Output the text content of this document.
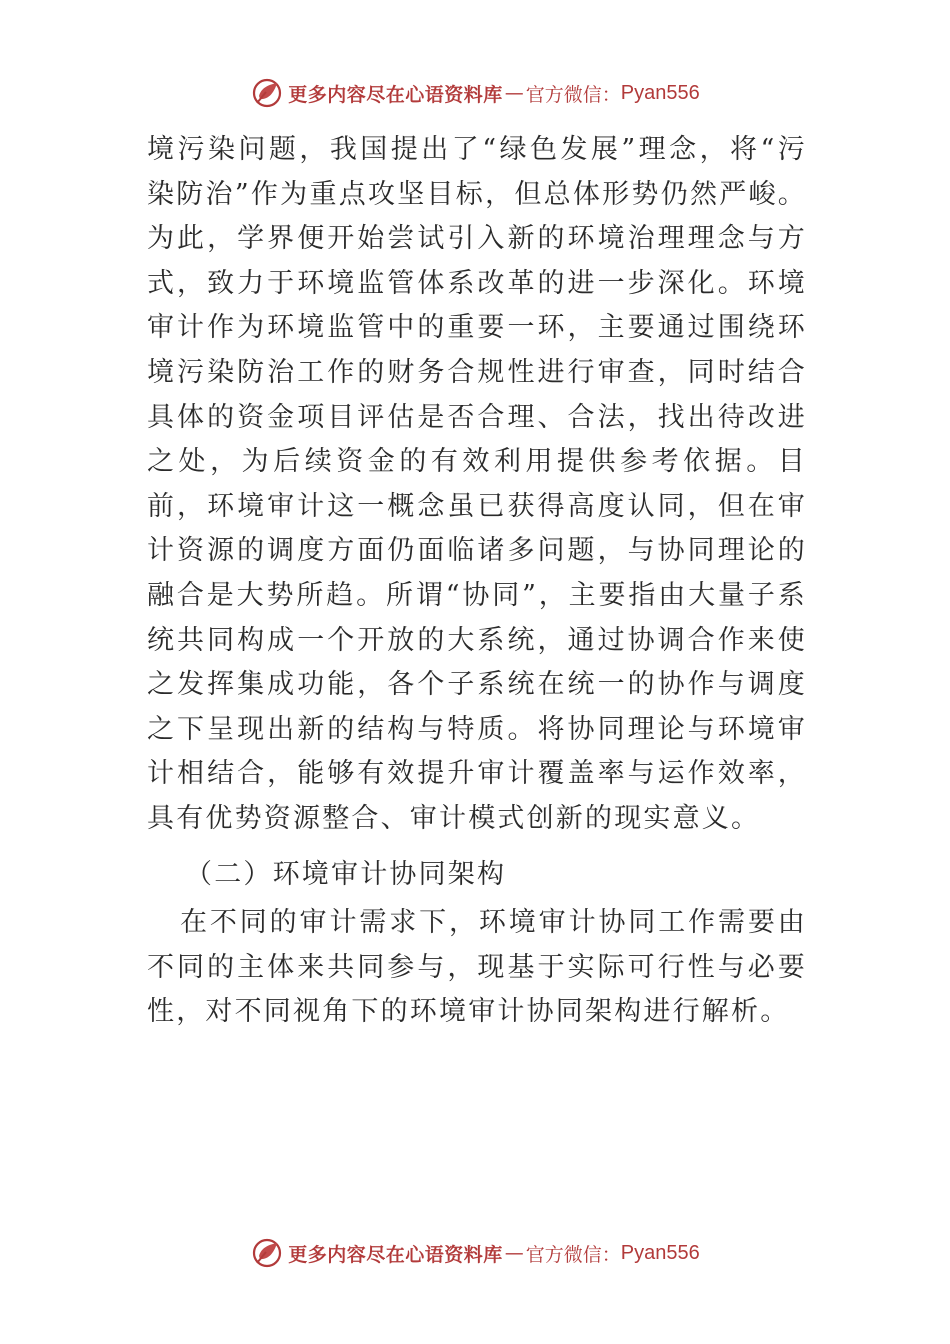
更多内容尽在心语资料库 — 官方微信： Pyan556

境污染问题，我国提出了“绿色发展”理念，将“污染防治”作为重点攻坚目标，但总体形势仍然严峻。为此，学界便开始尝试引入新的环境治理理念与方式，致力于环境监管体系改革的进一步深化。环境审计作为环境监管中的重要一环，主要通过围绕环境污染防治工作的财务合规性进行审查，同时结合具体的资金项目评估是否合理、合法，找出待改进之处，为后续资金的有效利用提供参考依据。目前，环境审计这一概念虽已获得高度认同，但在审计资源的调度方面仍面临诸多问题，与协同理论的融合是大势所趋。所谓“协同”，主要指由大量子系统共同构成一个开放的大系统，通过协调合作来使之发挥集成功能，各个子系统在统一的协作与调度之下呈现出新的结构与特质。将协同理论与环境审计相结合，能够有效提升审计覆盖率与运作效率，具有优势资源整合、审计模式创新的现实意义。

（二）环境审计协同架构

在不同的审计需求下，环境审计协同工作需要由不同的主体来共同参与，现基于实际可行性与必要性，对不同视角下的环境审计协同架构进行解析。

更多内容尽在心语资料库 — 官方微信： Pyan556
